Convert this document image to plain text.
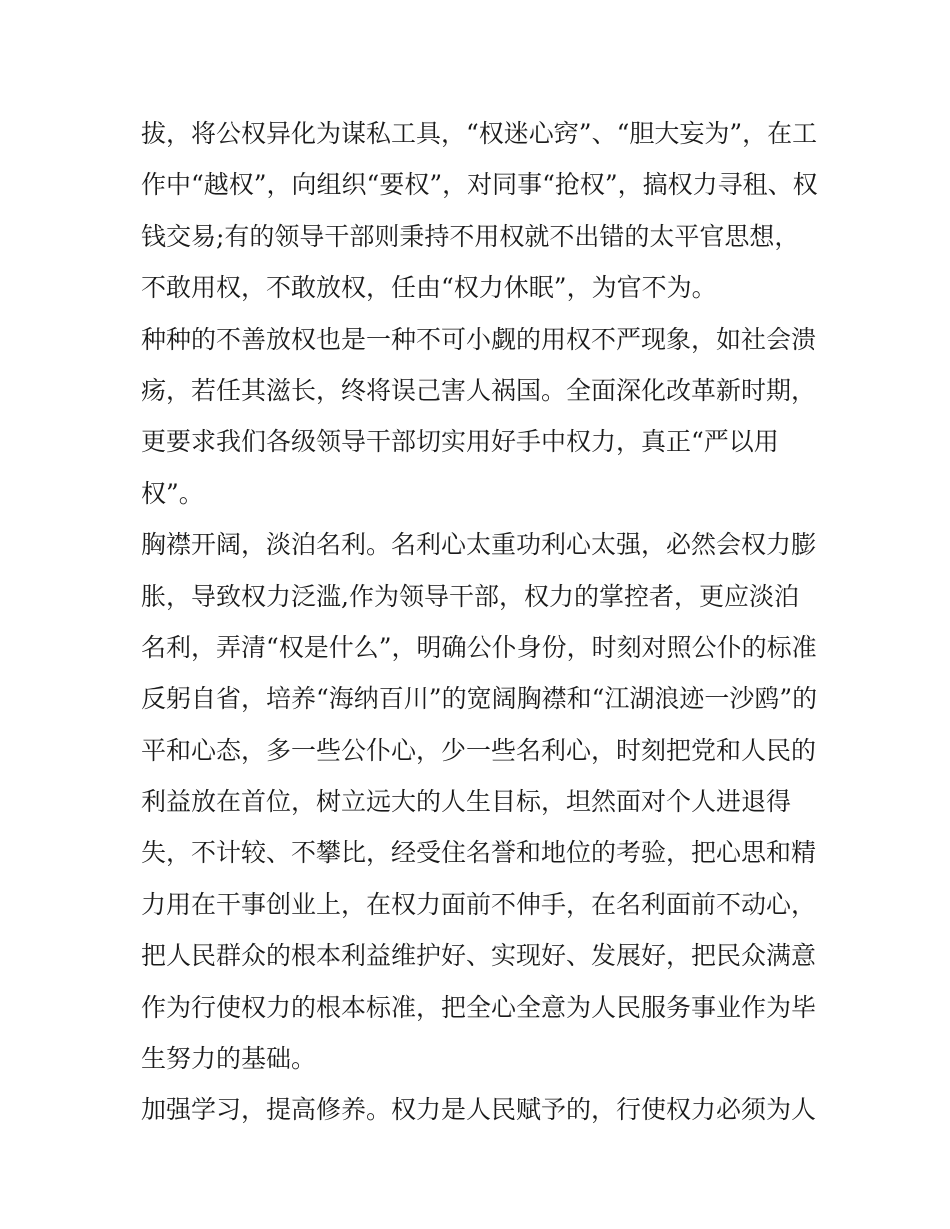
拔，将公权异化为谋私工具，“权迷心窍”、“胆大妄为”，在工
作中“越权”，向组织“要权”，对同事“抢权”，搞权力寻租、权
钱交易;有的领导干部则秉持不用权就不出错的太平官思想，
不敢用权，不敢放权，任由“权力休眠”，为官不为。
种种的不善放权也是一种不可小觑的用权不严现象，如社会溃
疡，若任其滋长，终将误己害人祸国。全面深化改革新时期，
更要求我们各级领导干部切实用好手中权力，真正“严以用
权”。
胸襟开阔，淡泊名利。名利心太重功利心太强，必然会权力膨
胀，导致权力泛滥,作为领导干部，权力的掌控者，更应淡泊
名利，弄清“权是什么”，明确公仆身份，时刻对照公仆的标准
反躬自省，培养“海纳百川”的宽阔胸襟和“江湖浪迹一沙鸥”的
平和心态，多一些公仆心，少一些名利心，时刻把党和人民的
利益放在首位，树立远大的人生目标，坦然面对个人进退得
失，不计较、不攀比，经受住名誉和地位的考验，把心思和精
力用在干事创业上，在权力面前不伸手，在名利面前不动心，
把人民群众的根本利益维护好、实现好、发展好，把民众满意
作为行使权力的根本标准，把全心全意为人民服务事业作为毕
生努力的基础。
加强学习，提高修养。权力是人民赋予的，行使权力必须为人
